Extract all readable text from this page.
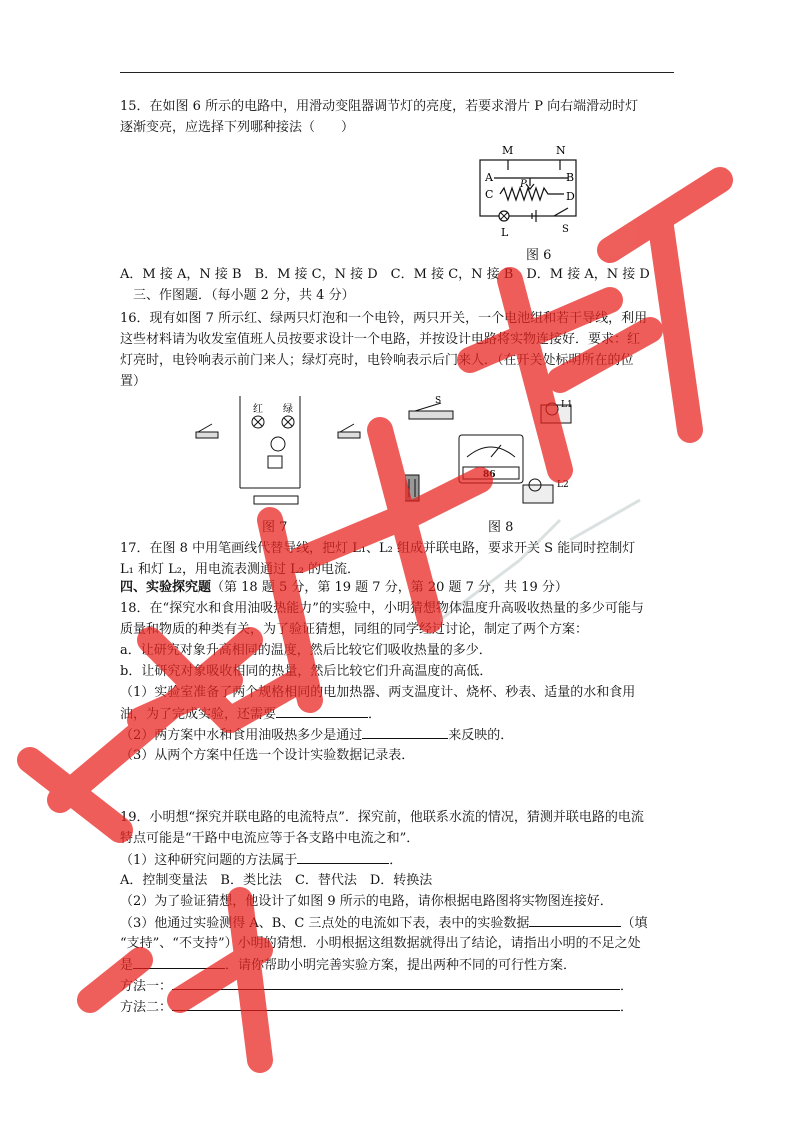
15．在如图 6 所示的电路中，用滑动变阻器调节灯的亮度，若要求滑片 P 向右端滑动时灯

逐渐变亮，应选择下列哪种接法（　　）

M	N
A	B
C	D
P
L	S
图 6

A．M 接 A，N 接 B　B．M 接 C，N 接 D　C．M 接 C，N 接 B　D．M 接 A，N 接 D

　三、作图题．（每小题 2 分，共 4 分）

16．现有如图 7 所示红、绿两只灯泡和一个电铃，两只开关，一个电池组和若干导线，利用

这些材料请为收发室值班人员按要求设计一个电路，并按设计电路将实物连接好．要求：红

灯亮时，电铃响表示前门来人；绿灯亮时，电铃响表示后门来人．（在开关处标明所在的位

置）

红 绿
图 7
S	L1
L2
86
图 8

17．在图 8 中用笔画线代替导线，把灯 L₁、L₂ 组成并联电路，要求开关 S 能同时控制灯

L₁ 和灯 L₂，用电流表测通过 L₂ 的电流．

四、实验探究题（第 18 题 5 分，第 19 题 7 分，第 20 题 7 分，共 19 分）

18．在“探究水和食用油吸热能力”的实验中，小明猜想物体温度升高吸收热量的多少可能与

质量和物质的种类有关，为了验证猜想，同组的同学经过讨论，制定了两个方案：

a．让研究对象升高相同的温度，然后比较它们吸收热量的多少．

b．让研究对象吸收相同的热量，然后比较它们升高温度的高低．

（1）实验室准备了两个规格相同的电加热器、两支温度计、烧杯、秒表、适量的水和食用

油，为了完成实验，还需要	．

（2）两方案中水和食用油吸热多少是通过	来反映的．

（3）从两个方案中任选一个设计实验数据记录表．

19．小明想“探究并联电路的电流特点”．探究前，他联系水流的情况，猜测并联电路的电流

特点可能是“干路中电流应等于各支路中电流之和”．

（1）这种研究问题的方法属于	．

A．控制变量法　B．类比法　C．替代法　D．转换法

（2）为了验证猜想，他设计了如图 9 所示的电路，请你根据电路图将实物图连接好．

（3）他通过实验测得 A、B、C 三点处的电流如下表，表中的实验数据	（填

“支持”、“不支持”）小明的猜想．小明根据这组数据就得出了结论，请指出小明的不足之处

是	．请你帮助小明完善实验方案，提出两种不同的可行性方案．

方法一：	．

方法二：	．

精品资源
